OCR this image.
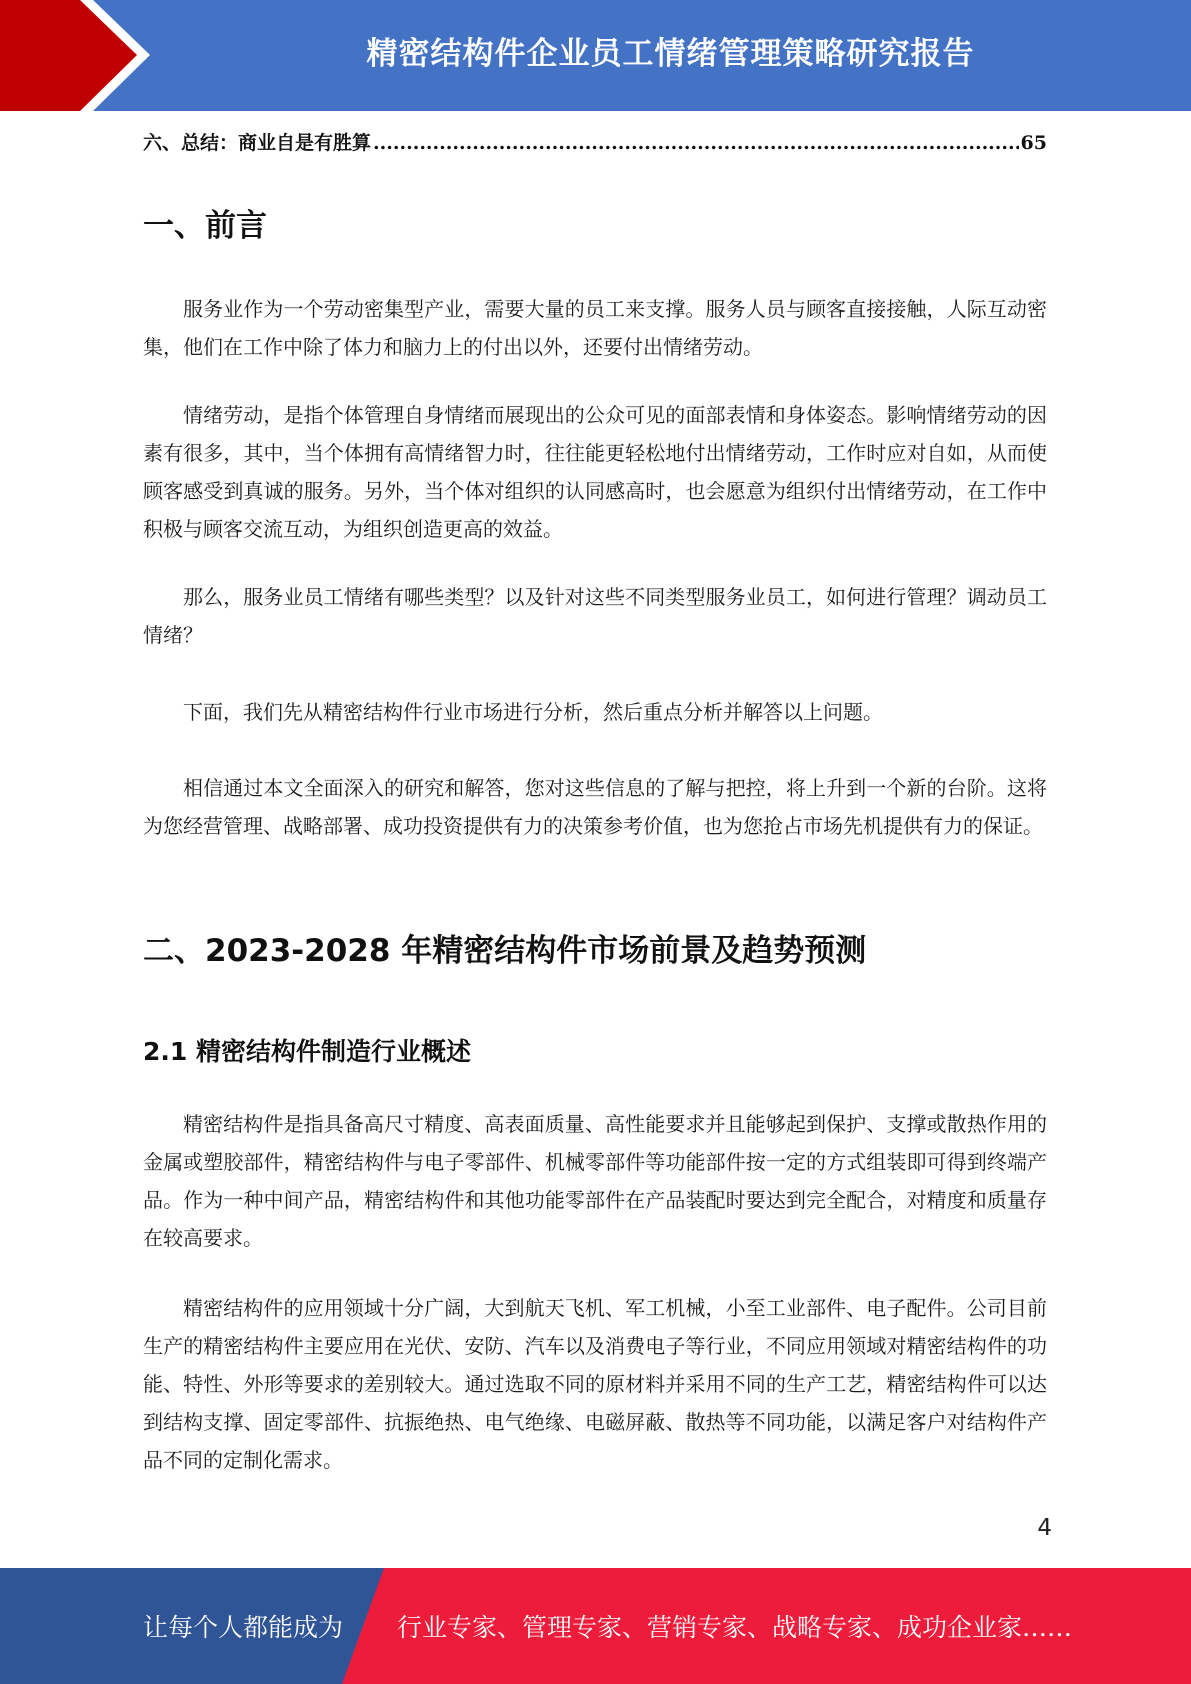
精密结构件企业员工情绪管理策略研究报告
六、总结：商业自是有胜算
.....	65
一、前言

服务业作为一个劳动密集型产业，需要大量的员工来支撑。服务人员与顾客直接接触，人际互动密集，他们在工作中除了体力和脑力上的付出以外，还要付出情绪劳动。

情绪劳动，是指个体管理自身情绪而展现出的公众可见的面部表情和身体姿态。影响情绪劳动的因素有很多，其中，当个体拥有高情绪智力时，往往能更轻松地付出情绪劳动，工作时应对自如，从而使顾客感受到真诚的服务。另外，当个体对组织的认同感高时，也会愿意为组织付出情绪劳动，在工作中积极与顾客交流互动，为组织创造更高的效益。

那么，服务业员工情绪有哪些类型？以及针对这些不同类型服务业员工，如何进行管理？调动员工情绪？

下面，我们先从精密结构件行业市场进行分析，然后重点分析并解答以上问题。

相信通过本文全面深入的研究和解答，您对这些信息的了解与把控，将上升到一个新的台阶。这将为您经营管理、战略部署、成功投资提供有力的决策参考价值，也为您抢占市场先机提供有力的保证。

二、2023-2028 年精密结构件市场前景及趋势预测
2.1 精密结构件制造行业概述

精密结构件是指具备高尺寸精度、高表面质量、高性能要求并且能够起到保护、支撑或散热作用的金属或塑胶部件，精密结构件与电子零部件、机械零部件等功能部件按一定的方式组装即可得到终端产品。作为一种中间产品，精密结构件和其他功能零部件在产品装配时要达到完全配合，对精度和质量存在较高要求。

精密结构件的应用领域十分广阔，大到航天飞机、军工机械，小至工业部件、电子配件。公司目前生产的精密结构件主要应用在光伏、安防、汽车以及消费电子等行业，不同应用领域对精密结构件的功能、特性、外形等要求的差别较大。通过选取不同的原材料并采用不同的生产工艺，精密结构件可以达到结构支撑、固定零部件、抗振绝热、电气绝缘、电磁屏蔽、散热等不同功能，以满足客户对结构件产品不同的定制化需求。

4
让每个人都能成为 行业专家、管理专家、营销专家、战略专家、成功企业家……
